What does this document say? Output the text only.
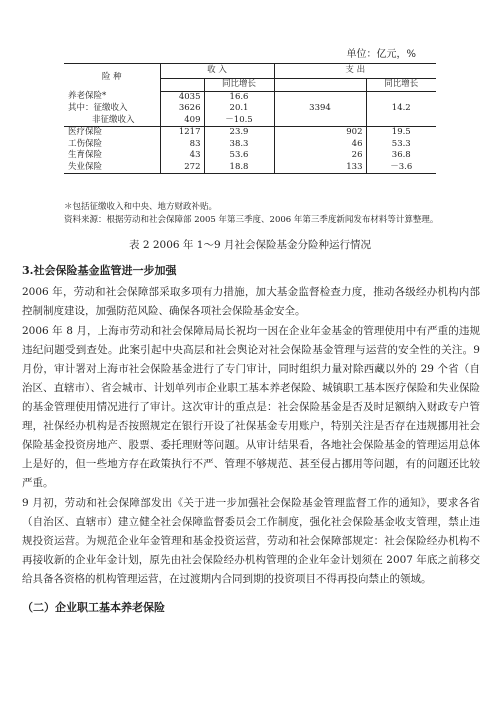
单位：亿元，%
险 种	收 入		支 出	
		同比增长		同比增长
养老保险*	4035	16.6		
其中：征缴收入	3626	20.1	3394	14.2
非征缴收入	409	－10.5		
医疗保险	1217	23.9	902	19.5
工伤保险	83	38.3	46	53.3
生育保险	43	53.6	26	36.8
失业保险	272	18.8	133	－3.6
＊包括征缴收入和中央、地方财政补贴。
资料来源：根据劳动和社会保障部 2005 年第三季度、2006 年第三季度新闻发布材料等计算整理。
表 2 2006 年 1～9 月社会保险基金分险种运行情况
3.社会保险基金监管进一步加强

2006 年，劳动和社会保障部采取多项有力措施，加大基金监督检查力度，推动各级经办机构内部控制制度建设，加强防范风险、确保各项社会保险基金安全。

2006 年 8 月，上海市劳动和社会保障局局长祝均一因在企业年金基金的管理使用中有严重的违规违纪问题受到查处。此案引起中央高层和社会舆论对社会保险基金管理与运营的安全性的关注。9 月份，审计署对上海市社会保险基金进行了专门审计，同时组织力量对除西藏以外的 29 个省（自治区、直辖市）、省会城市、计划单列市企业职工基本养老保险、城镇职工基本医疗保险和失业保险的基金管理使用情况进行了审计。这次审计的重点是：社会保险基金是否及时足额纳入财政专户管理，社保经办机构是否按照规定在银行开设了社保基金专用账户，特别关注是否存在违规挪用社会保险基金投资房地产、股票、委托理财等问题。从审计结果看，各地社会保险基金的管理运用总体上是好的，但一些地方存在政策执行不严、管理不够规范、甚至侵占挪用等问题，有的问题还比较严重。

9 月初，劳动和社会保障部发出《关于进一步加强社会保险基金管理监督工作的通知》，要求各省（自治区、直辖市）建立健全社会保障监督委员会工作制度，强化社会保险基金收支管理，禁止违规投资运营。为规范企业年金管理和基金投资运营，劳动和社会保障部规定：社会保险经办机构不再接收新的企业年金计划，原先由社会保险经办机构管理的企业年金计划须在 2007 年底之前移交给具备各资格的机构管理运营，在过渡期内合同到期的投资项目不得再投向禁止的领域。

（二）企业职工基本养老保险
